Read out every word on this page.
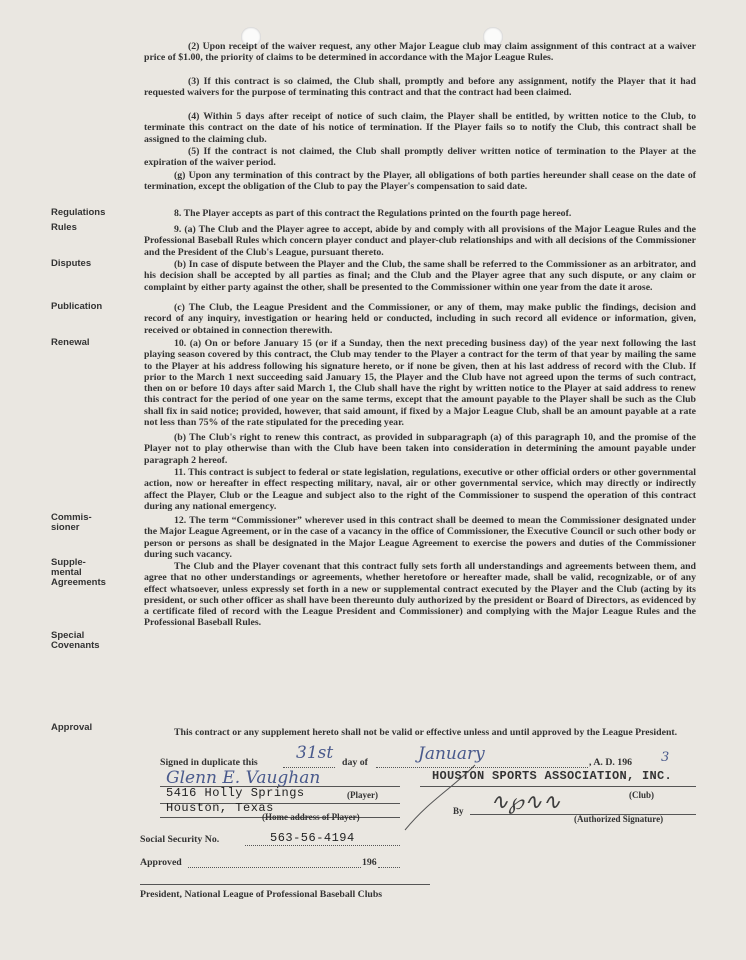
(2) Upon receipt of the waiver request, any other Major League club may claim assignment of this contract at a waiver price of $1.00, the priority of claims to be determined in accordance with the Major League Rules.
(3) If this contract is so claimed, the Club shall, promptly and before any assignment, notify the Player that it had requested waivers for the purpose of terminating this contract and that the contract had been claimed.
(4) Within 5 days after receipt of notice of such claim, the Player shall be entitled, by written notice to the Club, to terminate this contract on the date of his notice of termination. If the Player fails so to notify the Club, this contract shall be assigned to the claiming club.
(5) If the contract is not claimed, the Club shall promptly deliver written notice of termination to the Player at the expiration of the waiver period.
(g) Upon any termination of this contract by the Player, all obligations of both parties hereunder shall cease on the date of termination, except the obligation of the Club to pay the Player's compensation to said date.
Regulations	8. The Player accepts as part of this contract the Regulations printed on the fourth page hereof.
Rules	9. (a) The Club and the Player agree to accept, abide by and comply with all provisions of the Major League Rules and the Professional Baseball Rules which concern player conduct and player-club relationships and with all decisions of the Commissioner and the President of the Club's League, pursuant thereto.
Disputes	(b) In case of dispute between the Player and the Club, the same shall be referred to the Commissioner as an arbitrator, and his decision shall be accepted by all parties as final; and the Club and the Player agree that any such dispute, or any claim or complaint by either party against the other, shall be presented to the Commissioner within one year from the date it arose.
Publication	(c) The Club, the League President and the Commissioner, or any of them, may make public the findings, decision and record of any inquiry, investigation or hearing held or conducted, including in such record all evidence or information, given, received or obtained in connection therewith.
Renewal	10. (a) On or before January 15 (or if a Sunday, then the next preceding business day) of the year next following the last playing season covered by this contract, the Club may tender to the Player a contract for the term of that year by mailing the same to the Player at his address following his signature hereto, or if none be given, then at his last address of record with the Club. If prior to the March 1 next succeeding said January 15, the Player and the Club have not agreed upon the terms of such contract, then on or before 10 days after said March 1, the Club shall have the right by written notice to the Player at said address to renew this contract for the period of one year on the same terms, except that the amount payable to the Player shall be such as the Club shall fix in said notice; provided, however, that said amount, if fixed by a Major League Club, shall be an amount payable at a rate not less than 75% of the rate stipulated for the preceding year.
(b) The Club's right to renew this contract, as provided in subparagraph (a) of this paragraph 10, and the promise of the Player not to play otherwise than with the Club have been taken into consideration in determining the amount payable under paragraph 2 hereof.
11. This contract is subject to federal or state legislation, regulations, executive or other official orders or other governmental action, now or hereafter in effect respecting military, naval, air or other governmental service, which may directly or indirectly affect the Player, Club or the League and subject also to the right of the Commissioner to suspend the operation of this contract during any national emergency.
Commis-
sioner
12. The term “Commissioner” wherever used in this contract shall be deemed to mean the Commissioner designated under the Major League Agreement, or in the case of a vacancy in the office of Commissioner, the Executive Council or such other body or person or persons as shall be designated in the Major League Agreement to exercise the powers and duties of the Commissioner during such vacancy.
Supple-
mental
Agreements
The Club and the Player covenant that this contract fully sets forth all understandings and agreements between them, and agree that no other understandings or agreements, whether heretofore or hereafter made, shall be valid, recognizable, or of any effect whatsoever, unless expressly set forth in a new or supplemental contract executed by the Player and the Club (acting by its president, or such other officer as shall have been thereunto duly authorized by the president or Board of Directors, as evidenced by a certificate filed of record with the League President and Commissioner) and complying with the Major League Rules and the Professional Baseball Rules.
Special
Covenants
Approval	This contract or any supplement hereto shall not be valid or effective unless and until approved by the League President.
Signed in duplicate this 31st day of	January	, A. D. 196 3
Glenn E. Vaughan	HOUSTON SPORTS ASSOCIATION, INC.
5416 Holly Springs	(Player)	(Club)
Houston, Texas	By ∿℘∿∿
(Home address of Player)	(Authorized Signature)
Social Security No.	563-56-4194
Approved	196
President, National League of Professional Baseball Clubs
